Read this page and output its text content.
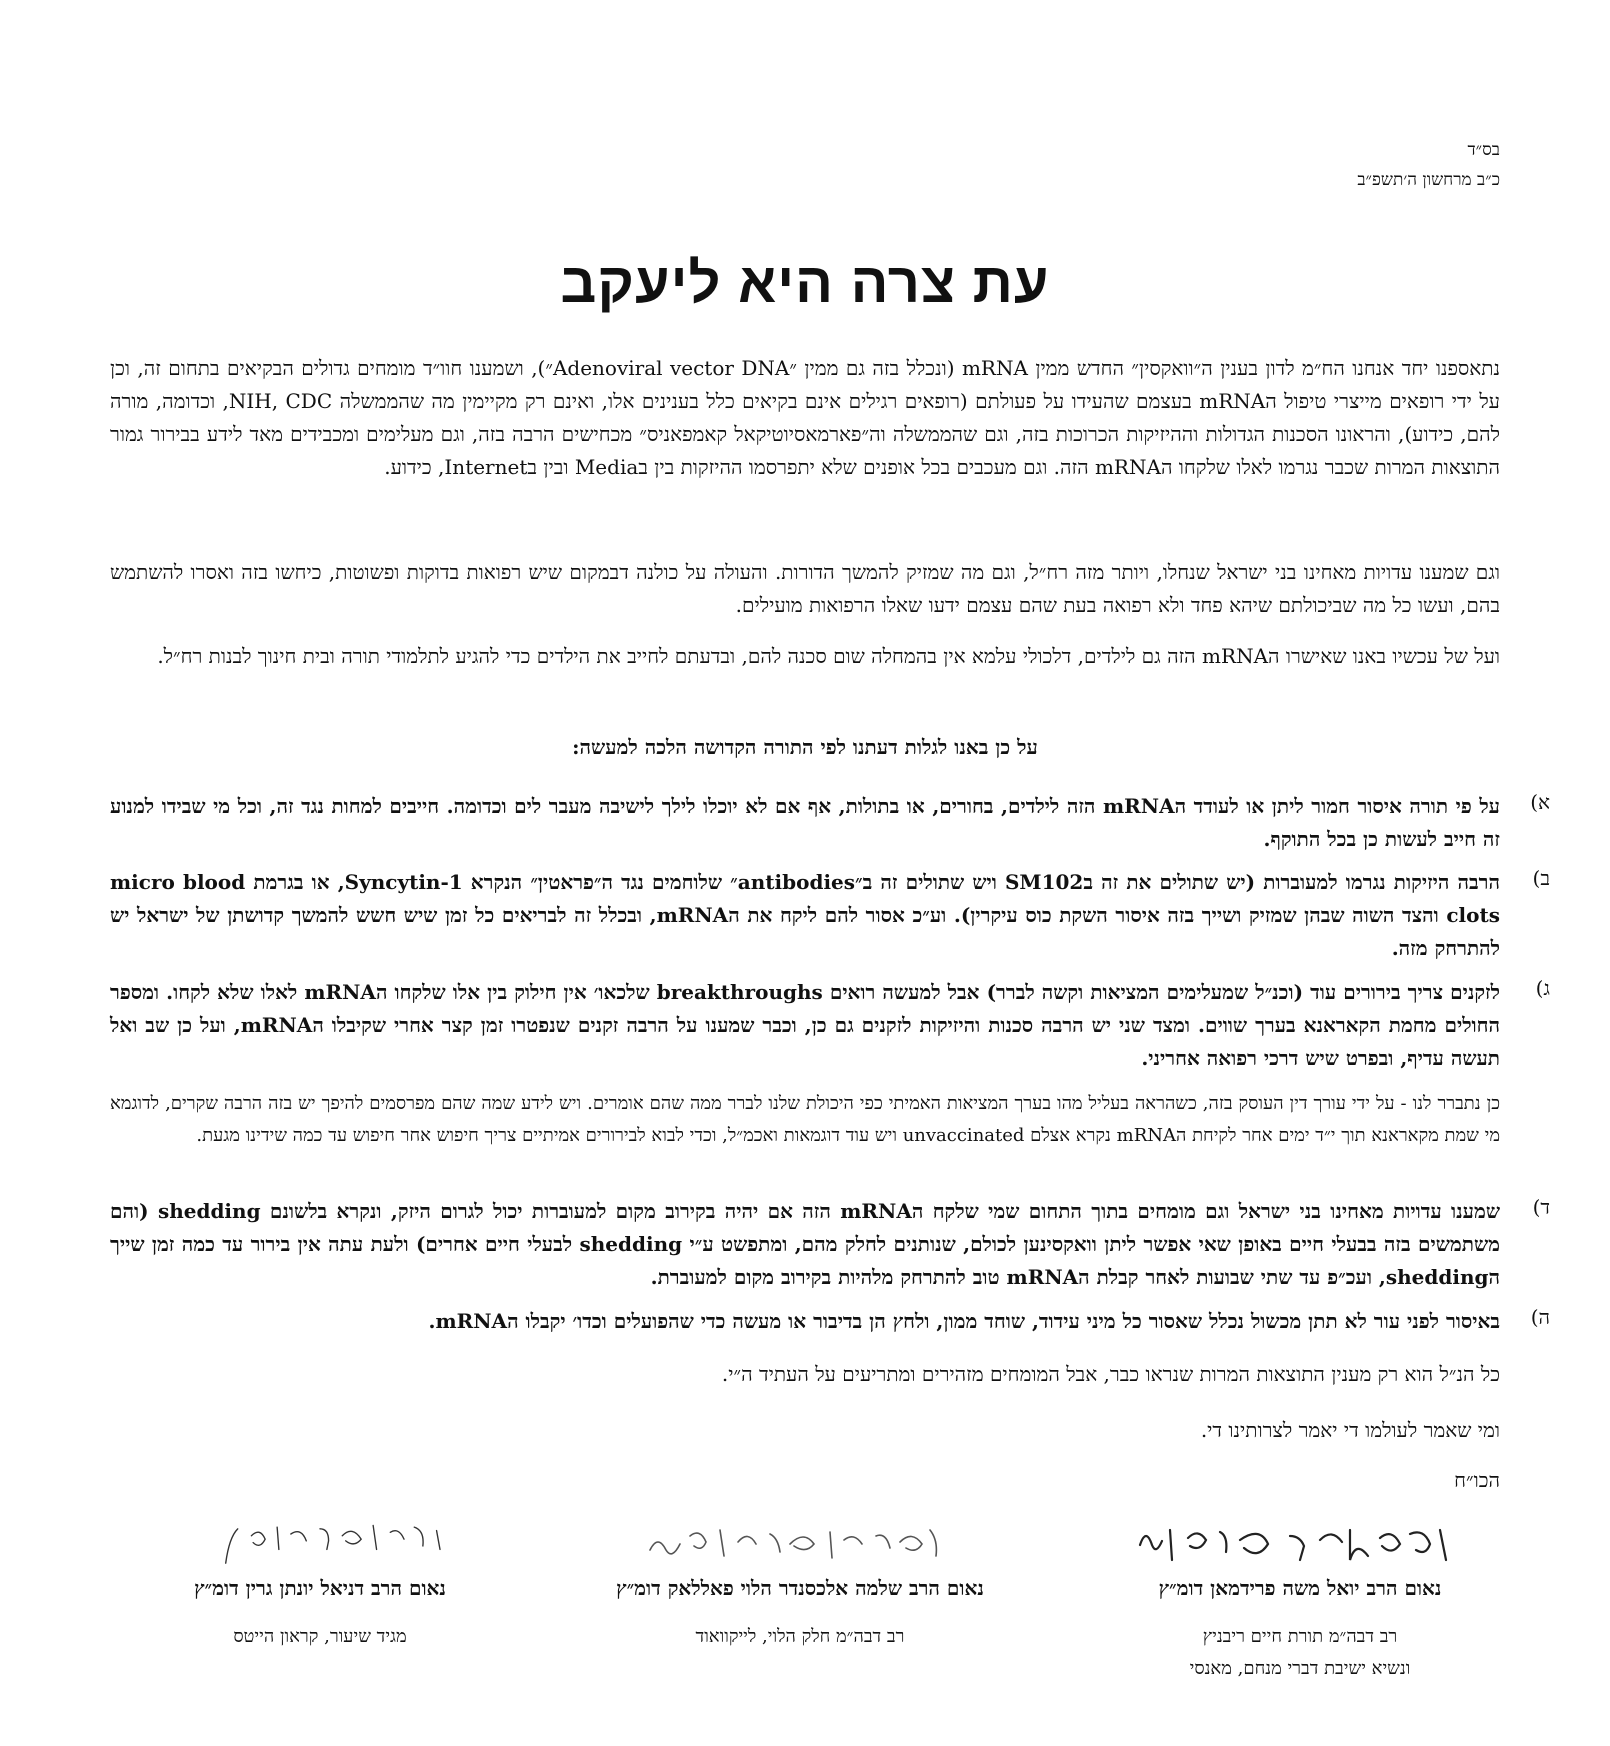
בס״ד
כ״ב מרחשון ה׳תשפ״ב
עת צרה היא ליעקב
נתאספנו יחד אנחנו הח״מ לדון בענין ה״וואקסין״ החדש ממין mRNA (ונכלל בזה גם ממין ״Adenoviral vector DNA״), ושמענו חוו״ד מומחים גדולים הבקיאים בתחום זה, וכן על ידי רופאים מייצרי טיפול הmRNA בעצמם שהעידו על פעולתם (רופאים רגילים אינם בקיאים כלל בענינים אלו, ואינם רק מקיימין מה שהממשלה NIH, CDC, וכדומה, מורה להם, כידוע), והראונו הסכנות הגדולות וההיזיקות הכרוכות בזה, וגם שהממשלה וה״פארמאסיוטיקאל קאמפאניס״ מכחישים הרבה בזה, וגם מעלימים ומכבידים מאד לידע בבירור גמור התוצאות המרות שכבר נגרמו לאלו שלקחו הmRNA הזה. וגם מעכבים בכל אופנים שלא יתפרסמו ההיזקות בין בMedia ובין בInternet, כידוע.
וגם שמענו עדויות מאחינו בני ישראל שנחלו, ויותר מזה רח״ל, וגם מה שמזיק להמשך הדורות. והעולה על כולנה דבמקום שיש רפואות בדוקות ופשוטות, כיחשו בזה ואסרו להשתמש בהם, ועשו כל מה שביכולתם שיהא פחד ולא רפואה בעת שהם עצמם ידעו שאלו הרפואות מועילים.
ועל של עכשיו באנו שאישרו הmRNA הזה גם לילדים, דלכולי עלמא אין בהמחלה שום סכנה להם, ובדעתם לחייב את הילדים כדי להגיע לתלמודי תורה ובית חינוך לבנות רח״ל.
על כן באנו לגלות דעתנו לפי התורה הקדושה הלכה למעשה:
א)
על פי תורה איסור חמור ליתן או לעודד הmRNA הזה לילדים, בחורים, או בתולות, אף אם לא יוכלו לילך לישיבה מעבר לים וכדומה. חייבים למחות נגד זה, וכל מי שבידו למנוע זה חייב לעשות כן בכל התוקף.
ב)
הרבה היזיקות נגרמו למעוברות (יש שתולים את זה בSM102 ויש שתולים זה ב״antibodies״ שלוחמים נגד ה״פראטין״ הנקרא Syncytin-1, או בגרמת micro blood clots והצד השוה שבהן שמזיק ושייך בזה איסור השקת כוס עיקרין). וע״כ אסור להם ליקח את הmRNA, ובכלל זה לבריאים כל זמן שיש חשש להמשך קדושתן של ישראל יש להתרחק מזה.
ג)
לזקנים צריך בירורים עוד (וכנ״ל שמעלימים המציאות וקשה לברר) אבל למעשה רואים breakthroughs שלכאו׳ אין חילוק בין אלו שלקחו הmRNA לאלו שלא לקחו. ומספר החולים מחמת הקאראנא בערך שווים. ומצד שני יש הרבה סכנות והיזיקות לזקנים גם כן, וכבר שמענו על הרבה זקנים שנפטרו זמן קצר אחרי שקיבלו הmRNA, ועל כן שב ואל תעשה עדיף, ובפרט שיש דרכי רפואה אחריני.
כן נתברר לנו - על ידי עורך דין העוסק בזה, כשהראה בעליל מהו בערך המציאות האמיתי כפי היכולת שלנו לברר ממה שהם אומרים. ויש לידע שמה שהם מפרסמים להיפך יש בזה הרבה שקרים, לדוגמא מי שמת מקאראנא תוך י״ד ימים אחר לקיחת הmRNA נקרא אצלם unvaccinated ויש עוד דוגמאות ואכמ״ל, וכדי לבוא לבירורים אמיתיים צריך חיפוש אחר חיפוש עד כמה שידינו מגעת.
ד)
שמענו עדויות מאחינו בני ישראל וגם מומחים בתוך התחום שמי שלקח הmRNA הזה אם יהיה בקירוב מקום למעוברות יכול לגרום היזק, ונקרא בלשונם shedding (והם משתמשים בזה בבעלי חיים באופן שאי אפשר ליתן וואקסינען לכולם, שנותנים לחלק מהם, ומתפשט ע״י shedding לבעלי חיים אחרים) ולעת עתה אין בירור עד כמה זמן שייך הshedding, ועכ״פ עד שתי שבועות לאחר קבלת הmRNA טוב להתרחק מלהיות בקירוב מקום למעוברת.
ה)
באיסור לפני עור לא תתן מכשול נכלל שאסור כל מיני עידוד, שוחד ממון, ולחץ הן בדיבור או מעשה כדי שהפועלים וכדו׳ יקבלו הmRNA.
כל הנ״ל הוא רק מענין התוצאות המרות שנראו כבר, אבל המומחים מזהירים ומתריעים על העתיד ה״י.
ומי שאמר לעולמו די יאמר לצרותינו די.
הכו״ח
נאום הרב יואל משה פרידמאן דומ״ץ
רב דבה״מ תורת חיים ריבניץ
ונשיא ישיבת דברי מנחם, מאנסי
נאום הרב שלמה אלכסנדר הלוי פאללאק דומ״ץ
רב דבה״מ חלק הלוי, לייקוואוד
נאום הרב דניאל יונתן גרין דומ״ץ
מגיד שיעור, קראון הייטס
